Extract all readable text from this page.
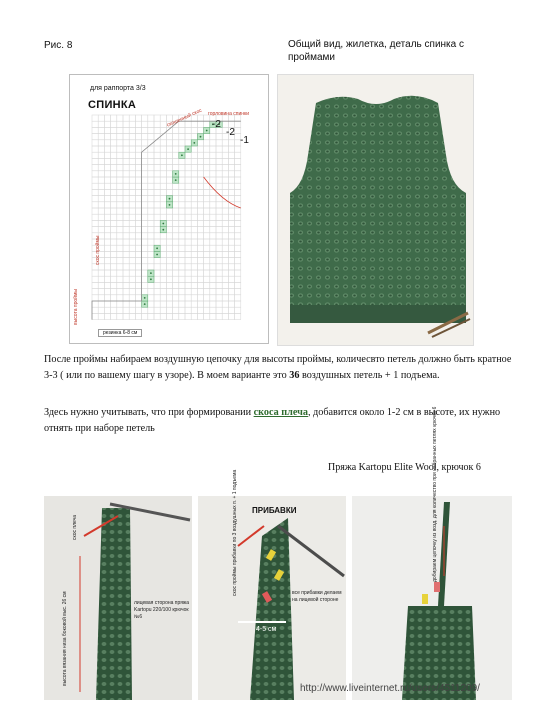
Рис. 8	Общий вид, жилетка, деталь спинка с проймами
для раппорта 3/3
СПИНКА
скошенный скос горловина спинки
-2
-2
-1
скос проймы
высота проймы
резинка 6-8 см
После проймы набираем воздушную цепочку для высоты проймы, количесвто петель должно быть кратное 3-3 ( или по вашему шагу в узоре). В моем варианте это 36 воздушных петель + 1 подъема.
Здесь нужно учитывать, что при формировании скоса плеча, добавится около 1-2 см в высоте, их нужно отнять при наборе петель
Пряжа Kartopu Elite Wool, крючок 6
скос плеча
высота вязания низа боковой выс. 26 см	лицевая сторона пряжа Kartopu 220/100 крючок №6
ПРИБАВКИ
скос проймы прибавки по 3 воздушных п. + 1 подъема	все прибавки делаем на лицевой стороне
4-5 см
добираем цепочку из возд. для количество при набранных петлях крючок 6
http://www.liveinternet.ru/users/4511209/
